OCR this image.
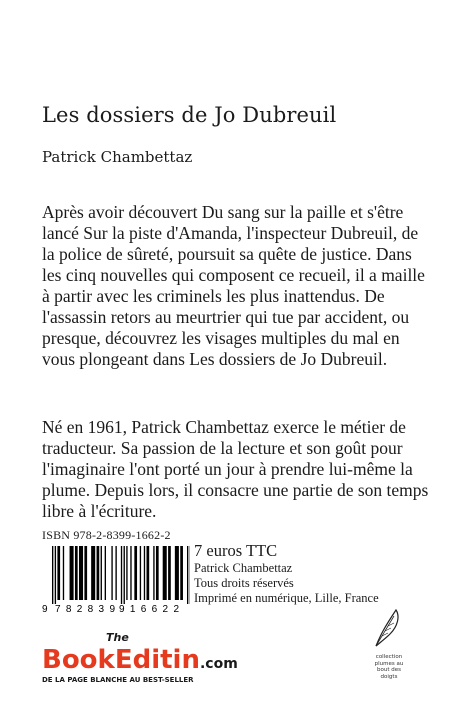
Les dossiers de Jo Dubreuil
Patrick Chambettaz

Après avoir découvert Du sang sur la paille et s'être lancé Sur la piste d'Amanda, l'inspecteur Dubreuil, de la police de sûreté, poursuit sa quête de justice. Dans les cinq nouvelles qui composent ce recueil, il a maille à partir avec les criminels les plus inattendus. De l'assassin retors au meurtrier qui tue par accident, ou presque, découvrez les visages multiples du mal en vous plongeant dans Les dossiers de Jo Dubreuil.

Né en 1961, Patrick Chambettaz exerce le métier de traducteur. Sa passion de la lecture et son goût pour l'imaginaire l'ont porté un jour à prendre lui-même la plume. Depuis lors, il consacre une partie de son temps libre à l'écriture.

ISBN 978-2-8399-1662-2
9 782839 916622
7 euros TTC
Patrick Chambettaz
Tous droits réservés
Imprimé en numérique, Lille, France
The
BookEditin.com
DE LA PAGE BLANCHE AU BEST-SELLER
collection
plumes au
bout des
doigts
